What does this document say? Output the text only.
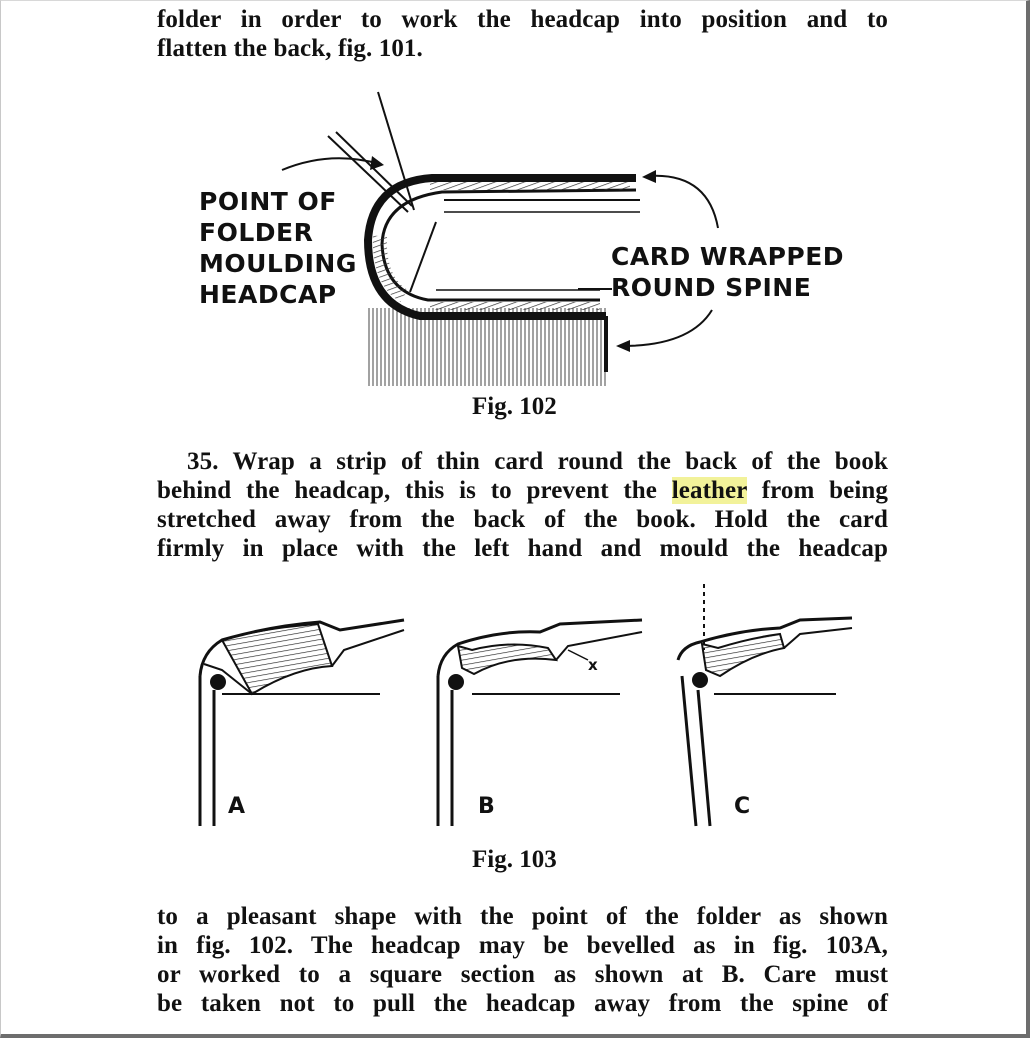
folder in order to work the headcap into position and to
flatten the back, fig. 101.
POINT OF
FOLDER
MOULDING
HEADCAP
CARD WRAPPED
ROUND SPINE
Fig. 102
35. Wrap a strip of thin card round the back of the book
behind the headcap, this is to prevent the leather from being
stretched away from the back of the book. Hold the card
firmly in place with the left hand and mould the headcap
A	B	C
x
Fig. 103
to a pleasant shape with the point of the folder as shown
in fig. 102. The headcap may be bevelled as in fig. 103A,
or worked to a square section as shown at B. Care must
be taken not to pull the headcap away from the spine of
